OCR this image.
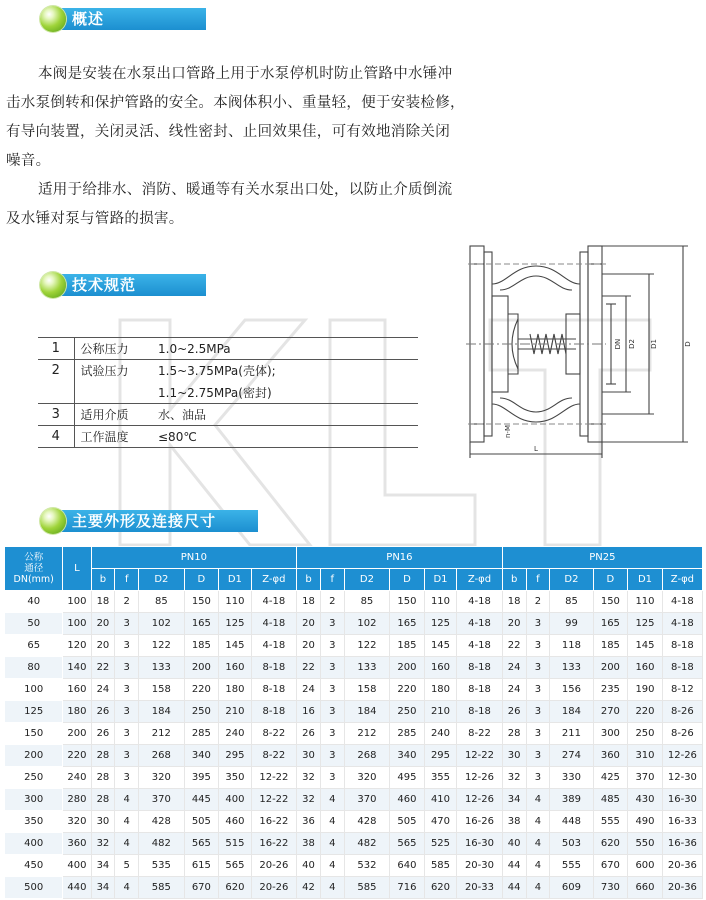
概述
本阀是安装在水泵出口管路上用于水泵停机时防止管路中水锤冲
击水泵倒转和保护管路的安全。本阀体积小、重量轻，便于安装检修，
有导向装置，关闭灵活、线性密封、止回效果佳，可有效地消除关闭
噪音。
适用于给排水、消防、暖通等有关水泵出口处，以防止介质倒流
及水锤对泵与管路的损害。
技术规范
1	公称压力	1.0~2.5MPa
2	试验压力	1.5~3.75MPa(壳体);
		1.1~2.75MPa(密封)
3	适用介质	水、油品
4	工作温度	≤80℃
DN D2 D1	D
L
n-M
主要外形及连接尺寸
公称
通径
DN(mm)	L	PN10						PN16						PN25					
		b	f	D2	D	D1	Z-φd	b	f	D2	D	D1	Z-φd	b	f	D2	D	D1	Z-φd
40	100	18	2	85	150	110	4-18	18	2	85	150	110	4-18	18	2	85	150	110	4-18
50	100	20	3	102	165	125	4-18	20	3	102	165	125	4-18	20	3	99	165	125	4-18
65	120	20	3	122	185	145	4-18	20	3	122	185	145	4-18	22	3	118	185	145	8-18
80	140	22	3	133	200	160	8-18	22	3	133	200	160	8-18	24	3	133	200	160	8-18
100	160	24	3	158	220	180	8-18	24	3	158	220	180	8-18	24	3	156	235	190	8-12
125	180	26	3	184	250	210	8-18	16	3	184	250	210	8-18	26	3	184	270	220	8-26
150	200	26	3	212	285	240	8-22	26	3	212	285	240	8-22	28	3	211	300	250	8-26
200	220	28	3	268	340	295	8-22	30	3	268	340	295	12-22	30	3	274	360	310	12-26
250	240	28	3	320	395	350	12-22	32	3	320	495	355	12-26	32	3	330	425	370	12-30
300	280	28	4	370	445	400	12-22	32	4	370	460	410	12-26	34	4	389	485	430	16-30
350	320	30	4	428	505	460	16-22	36	4	428	505	470	16-26	38	4	448	555	490	16-33
400	360	32	4	482	565	515	16-22	38	4	482	565	525	16-30	40	4	503	620	550	16-36
450	400	34	5	535	615	565	20-26	40	4	532	640	585	20-30	44	4	555	670	600	20-36
500	440	34	4	585	670	620	20-26	42	4	585	716	620	20-33	44	4	609	730	660	20-36
